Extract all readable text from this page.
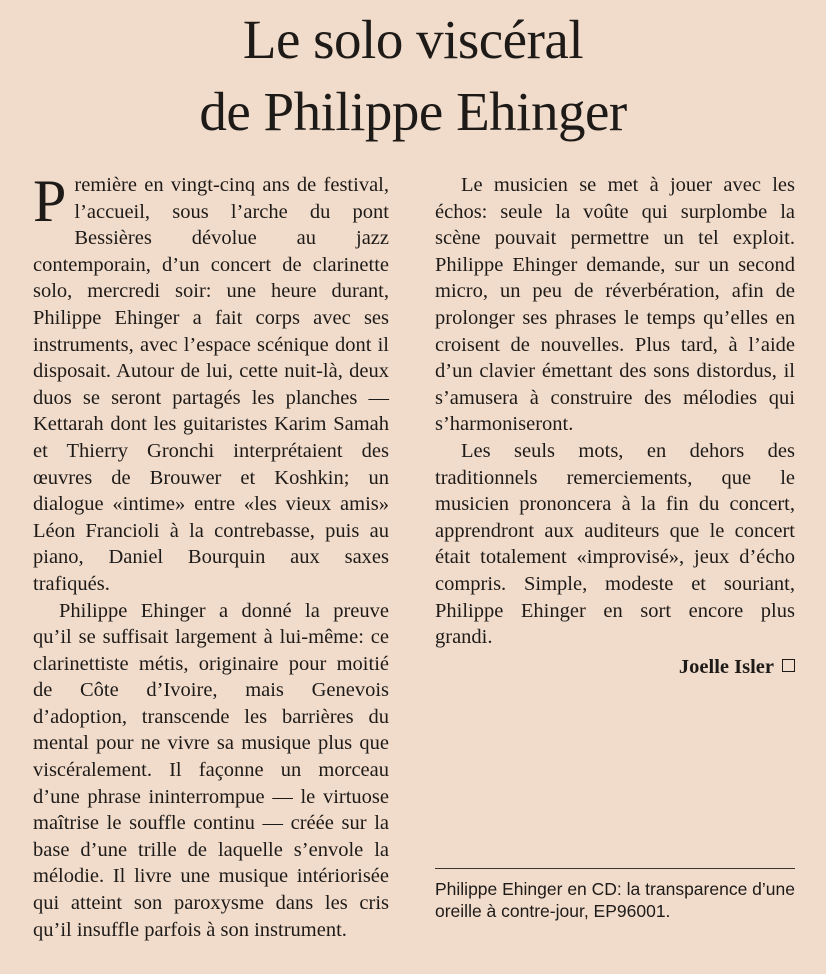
Le solo viscéral
de Philippe Ehinger

Première en vingt-cinq ans de festival, l’accueil, sous l’arche du pont Bessières dévolue au jazz contemporain, d’un concert de clarinette solo, mercredi soir: une heure durant, Philippe Ehinger a fait corps avec ses instruments, avec l’espace scénique dont il disposait. Autour de lui, cette nuit-là, deux duos se seront partagés les planches — Kettarah dont les guitaristes Karim Samah et Thierry Gronchi interprétaient des œuvres de Brouwer et Koshkin; un dialogue «intime» entre «les vieux amis» Léon Francioli à la contrebasse, puis au piano, Daniel Bourquin aux saxes trafiqués.

Philippe Ehinger a donné la preuve qu’il se suffisait largement à lui-même: ce clarinettiste métis, originaire pour moitié de Côte d’Ivoire, mais Genevois d’adoption, transcende les barrières du mental pour ne vivre sa musique plus que viscéralement. Il façonne un morceau d’une phrase ininterrompue — le virtuose maîtrise le souffle continu — créée sur la base d’une trille de laquelle s’envole la mélodie. Il livre une musique intériorisée qui atteint son paroxysme dans les cris qu’il insuffle parfois à son instrument.

Le musicien se met à jouer avec les échos: seule la voûte qui surplombe la scène pouvait permettre un tel exploit. Philippe Ehinger demande, sur un second micro, un peu de réverbération, afin de prolonger ses phrases le temps qu’elles en croisent de nouvelles. Plus tard, à l’aide d’un clavier émettant des sons distordus, il s’amusera à construire des mélodies qui s’harmoniseront.

Les seuls mots, en dehors des traditionnels remerciements, que le musicien prononcera à la fin du concert, apprendront aux auditeurs que le concert était totalement «improvisé», jeux d’écho compris. Simple, modeste et souriant, Philippe Ehinger en sort encore plus grandi.

Joelle Isler
Philippe Ehinger en CD: la transparence d’une oreille à contre-jour, EP96001.
